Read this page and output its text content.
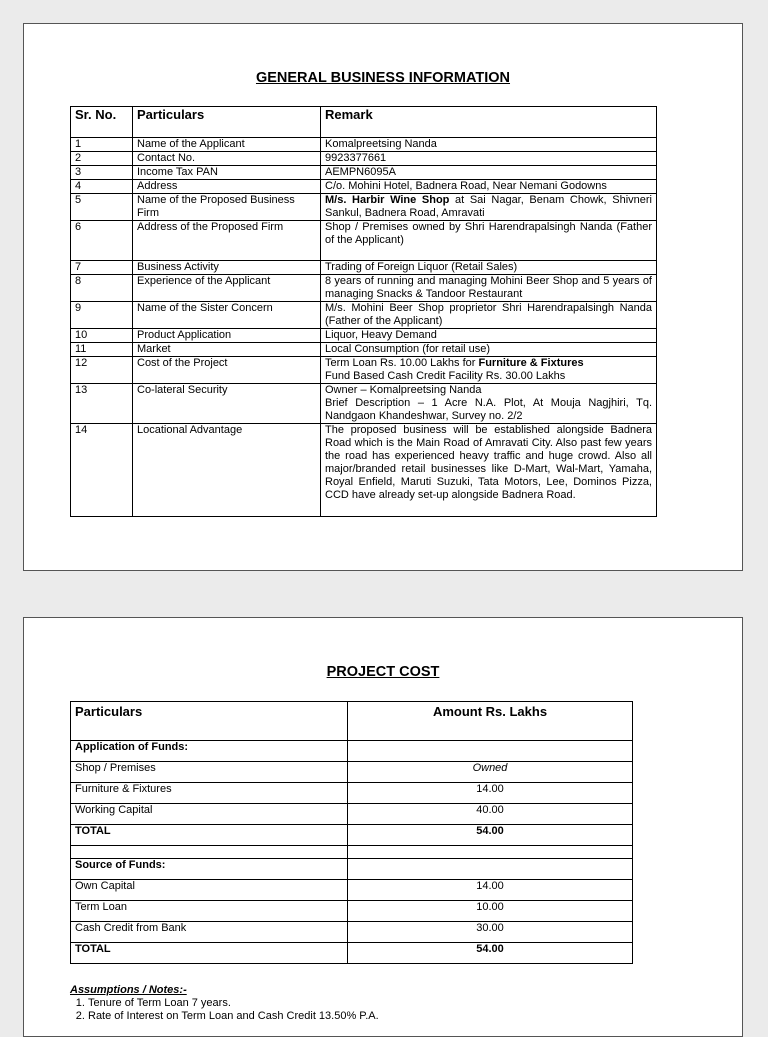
GENERAL BUSINESS INFORMATION
Sr. No.	Particulars	Remark
1	Name of the Applicant	Komalpreetsing Nanda
2	Contact No.	9923377661
3	Income Tax PAN	AEMPN6095A
4	Address	C/o. Mohini Hotel, Badnera Road, Near Nemani Godowns
5	Name of the Proposed Business Firm	M/s. Harbir Wine Shop at Sai Nagar, Benam Chowk, Shivneri Sankul, Badnera Road, Amravati
6	Address of the Proposed Firm	Shop / Premises owned by Shri Harendrapalsingh Nanda (Father of the Applicant)
7	Business Activity	Trading of Foreign Liquor (Retail Sales)
8	Experience of the Applicant	8 years of running and managing Mohini Beer Shop and 5 years of managing Snacks & Tandoor Restaurant
9	Name of the Sister Concern	M/s. Mohini Beer Shop proprietor Shri Harendrapalsingh Nanda (Father of the Applicant)
10	Product Application	Liquor, Heavy Demand
11	Market	Local Consumption (for retail use)
12	Cost of the Project	Term Loan Rs. 10.00 Lakhs for Furniture & Fixtures
Fund Based Cash Credit Facility Rs. 30.00 Lakhs
13	Co-lateral Security	Owner – Komalpreetsing Nanda
Brief Description – 1 Acre N.A. Plot, At Mouja Nagjhiri, Tq. Nandgaon Khandeshwar, Survey no. 2/2
14	Locational Advantage	The proposed business will be established alongside Badnera Road which is the Main Road of Amravati City. Also past few years the road has experienced heavy traffic and huge crowd. Also all major/branded retail businesses like D-Mart, Wal-Mart, Yamaha, Royal Enfield, Maruti Suzuki, Tata Motors, Lee, Dominos Pizza, CCD have already set-up alongside Badnera Road.
PROJECT COST
Particulars	Amount Rs. Lakhs
Application of Funds:	
Shop / Premises	Owned
Furniture & Fixtures	14.00
Working Capital	40.00
TOTAL	54.00

Source of Funds:	
Own Capital	14.00
Term Loan	10.00
Cash Credit from Bank	30.00
TOTAL	54.00
Assumptions / Notes:-
1. Tenure of Term Loan 7 years.
2. Rate of Interest on Term Loan and Cash Credit 13.50% P.A.
